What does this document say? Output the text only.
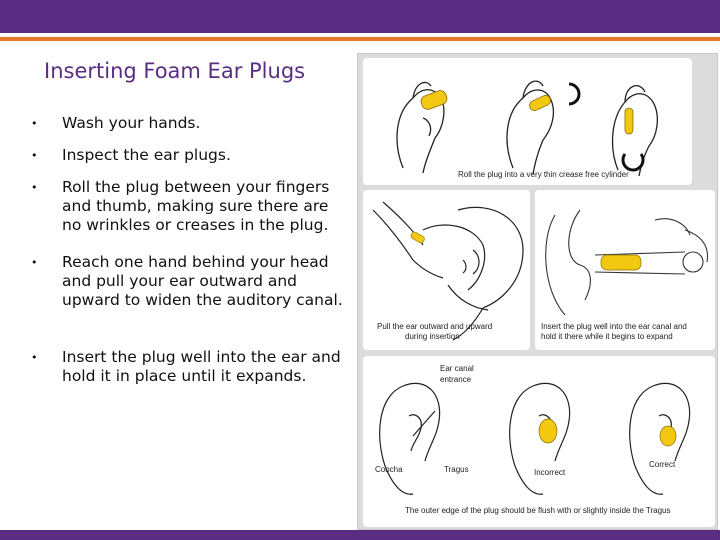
Inserting Foam Ear Plugs
• Wash your hands.
• Inspect the ear plugs.
• Roll the plug between your fingers and thumb, making sure there are no wrinkles or creases in the plug.
• Reach one hand behind your head and pull your ear outward and upward to widen the auditory canal.
• Insert the plug well into the ear and hold it in place until it expands.
Roll the plug into a very thin crease free cylinder
Pull the ear outward and upward
during insertion
Insert the plug well into the ear canal and
hold it there while it begins to expand
Ear canal
entrance
Concha	Tragus	Incorrect
Correct
The outer edge of the plug should be flush with or slightly inside the Tragus
